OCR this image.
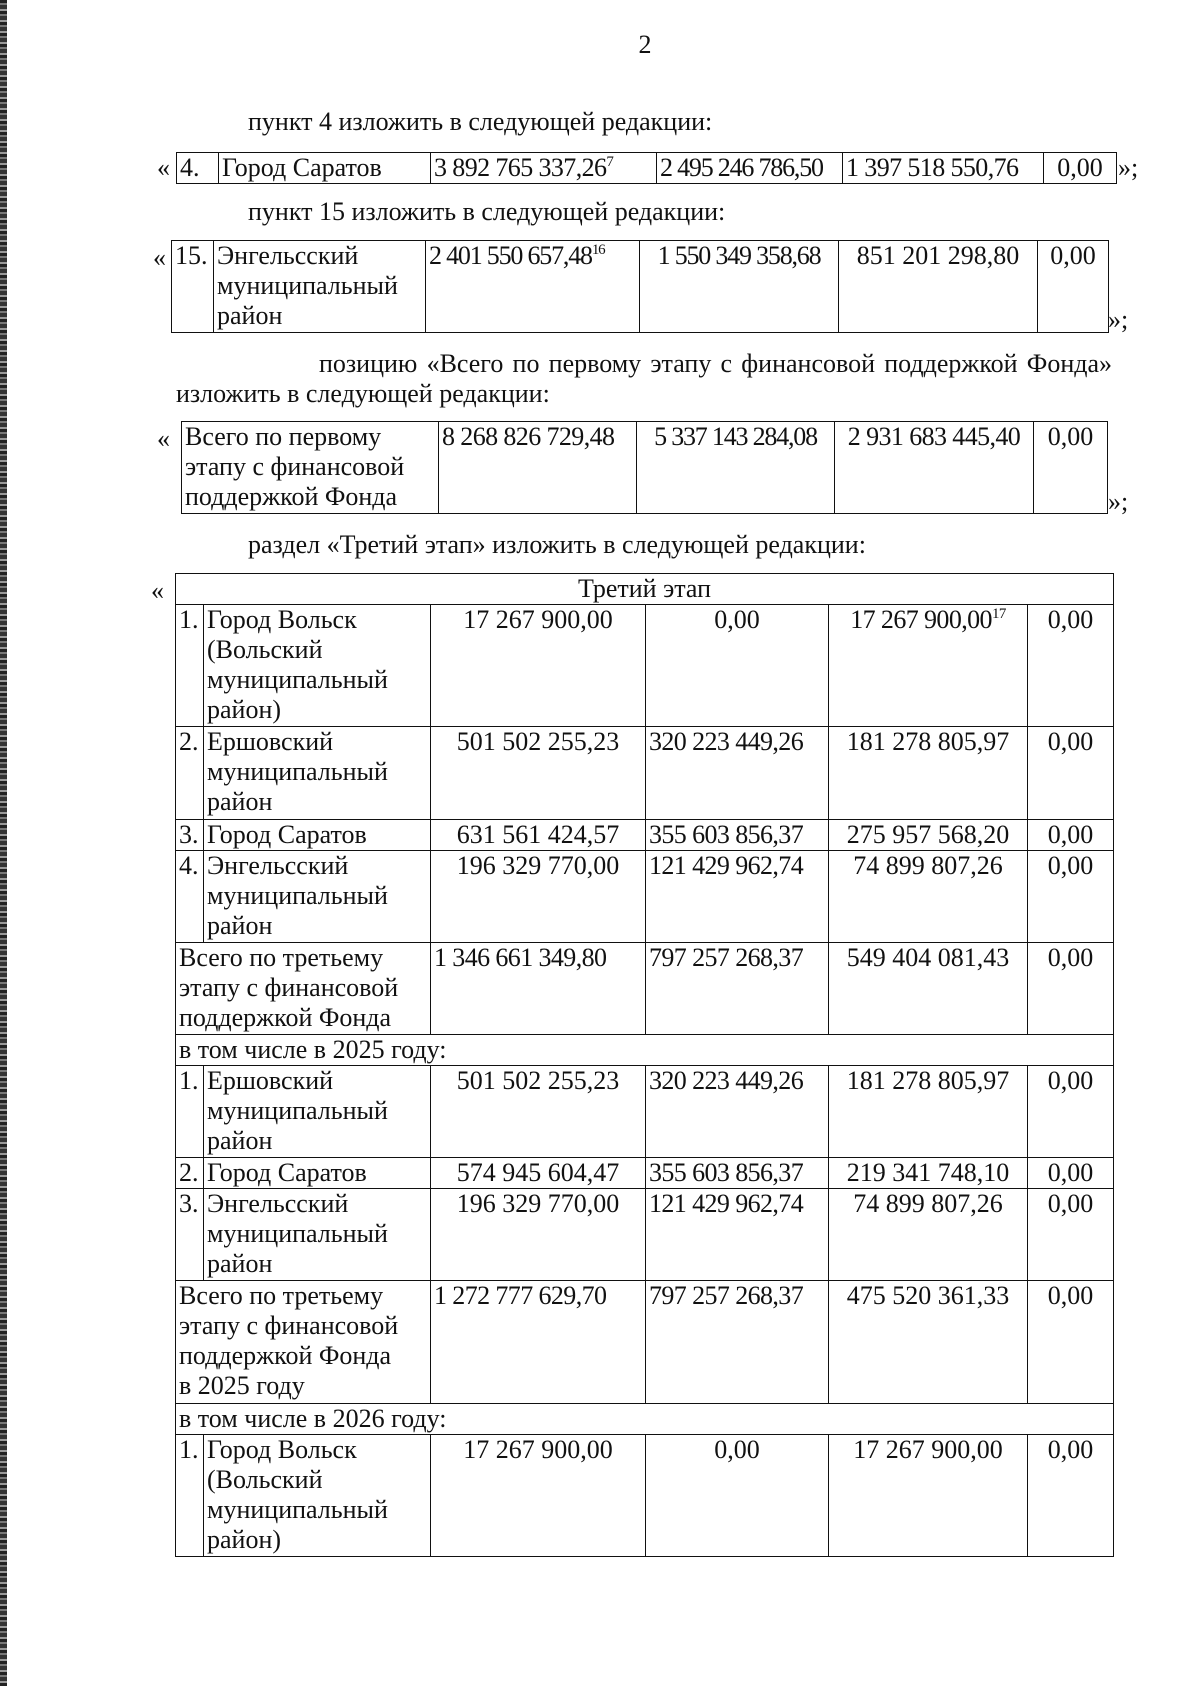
2
пункт 4 изложить в следующей редакции:
« 4.	Город Саратов	3 892 765 337,26$^7$	2 495 246 786,50	1 397 518 550,76	0,00 »;
пункт 15 изложить в следующей редакции:
« 15.	Энгельсский
муниципальный
район
	2 401 550 657,48$^{16}$	1 550 349 358,68	851 201 298,80	0,00
»;
позицию «Всего по первому этапу с финансовой поддержкой Фонда»
изложить в следующей редакции:
« Всего по первому
этапу с финансовой
поддержкой Фонда
	8 268 826 729,48	5 337 143 284,08	2 931 683 445,40	0,00
»;
раздел «Третий этап» изложить в следующей редакции:
«	Третий этап					
1.	Город Вольск
(Вольский
муниципальный
район)	17 267 900,00	0,00	17 267 900,00$^{17}$	0,00
2.	Ершовский
муниципальный
район	501 502 255,23	320 223 449,26	181 278 805,97	0,00
3.	Город Саратов	631 561 424,57	355 603 856,37	275 957 568,20	0,00
4.	Энгельсский
муниципальный
район	196 329 770,00	121 429 962,74	74 899 807,26	0,00

Всего по третьему
этапу с финансовой
поддержкой Фонда		1 346 661 349,80	797 257 268,37	549 404 081,43	0,00
в том числе в 2025 году:					
1.	Ершовский
муниципальный
район	501 502 255,23	320 223 449,26	181 278 805,97	0,00
2.	Город Саратов	574 945 604,47	355 603 856,37	219 341 748,10	0,00
3.	Энгельсский
муниципальный
район	196 329 770,00	121 429 962,74	74 899 807,26	0,00

Всего по третьему
этапу с финансовой
поддержкой Фонда
в 2025 году		1 272 777 629,70	797 257 268,37	475 520 361,33	0,00
в том числе в 2026 году:					
1.	Город Вольск
(Вольский
муниципальный
район)	17 267 900,00	0,00	17 267 900,00	0,00
